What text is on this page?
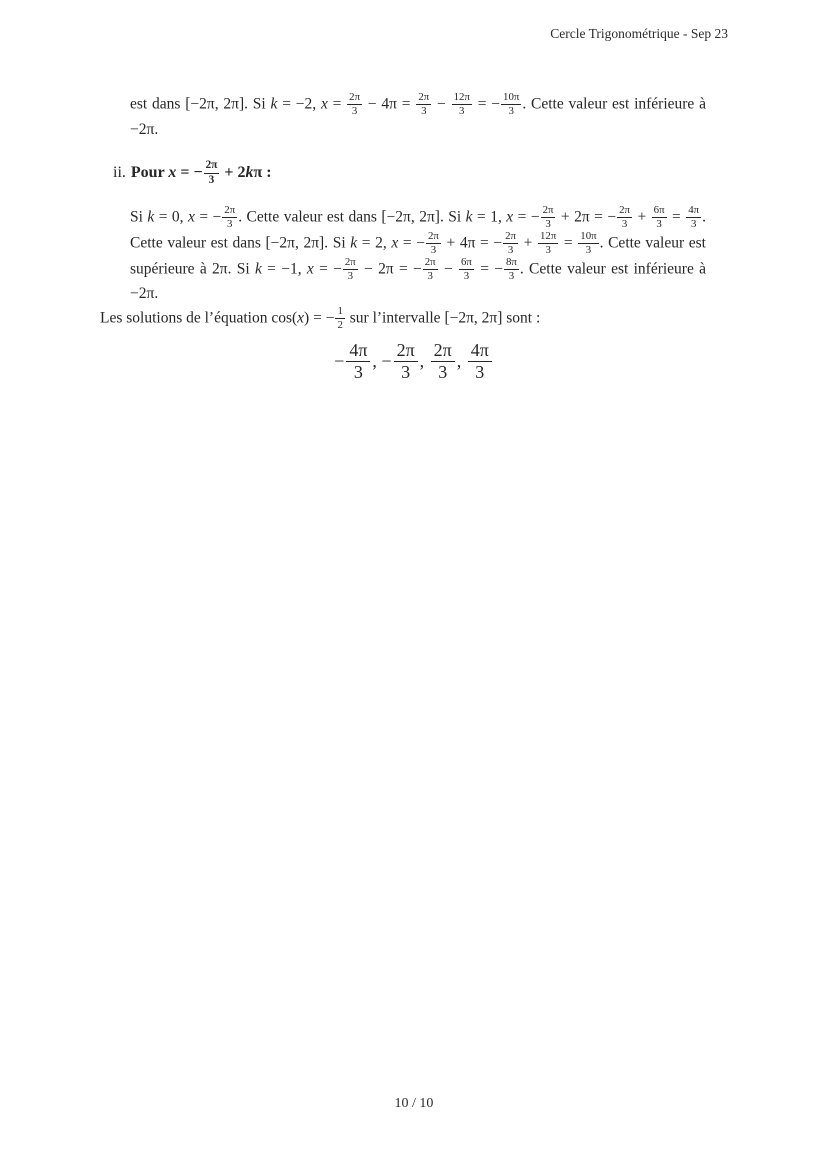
Cercle Trigonométrique - Sep 23
est dans [−2π, 2π]. Si k = −2, $x = \frac{2\pi}{3} - 4\pi = \frac{2\pi}{3} - \frac{12\pi}{3}$ = − $\frac{10\pi}{3}$ . Cette valeur est inférieure à −2π.
ii. Pour x = − $\frac{2\pi}{3} + 2k\pi$ :
Si k = 0, x = − $\frac{2\pi}{3}$ . Cette valeur est dans [−2π, 2π]. Si k = 1, x = − $\frac{2\pi}{3} + 2\pi$ = − $\frac{2\pi}{3} + \frac{6\pi}{3} = \frac{4\pi}{3}$ . Cette valeur est dans [−2π, 2π]. Si k = 2, x = − $\frac{2\pi}{3} + 4\pi$ = − $\frac{2\pi}{3} + \frac{12\pi}{3} = \frac{10\pi}{3}$ . Cette valeur est supérieure à 2π. Si k = −1, x = − $\frac{2\pi}{3} - 2\pi$ = − $\frac{2\pi}{3} - \frac{6\pi}{3}$ = − $\frac{8\pi}{3}$ . Cette valeur est inférieure à −2π.
Les solutions de l’équation cos(x) = − $\frac{1}{2}$ sur l’intervalle [−2π, 2π] sont :
− $\frac{4\pi}{3}$ , − $\frac{2\pi}{3}$ , $\frac{2\pi}{3}$ , $\frac{4\pi}{3}$
10 / 10
